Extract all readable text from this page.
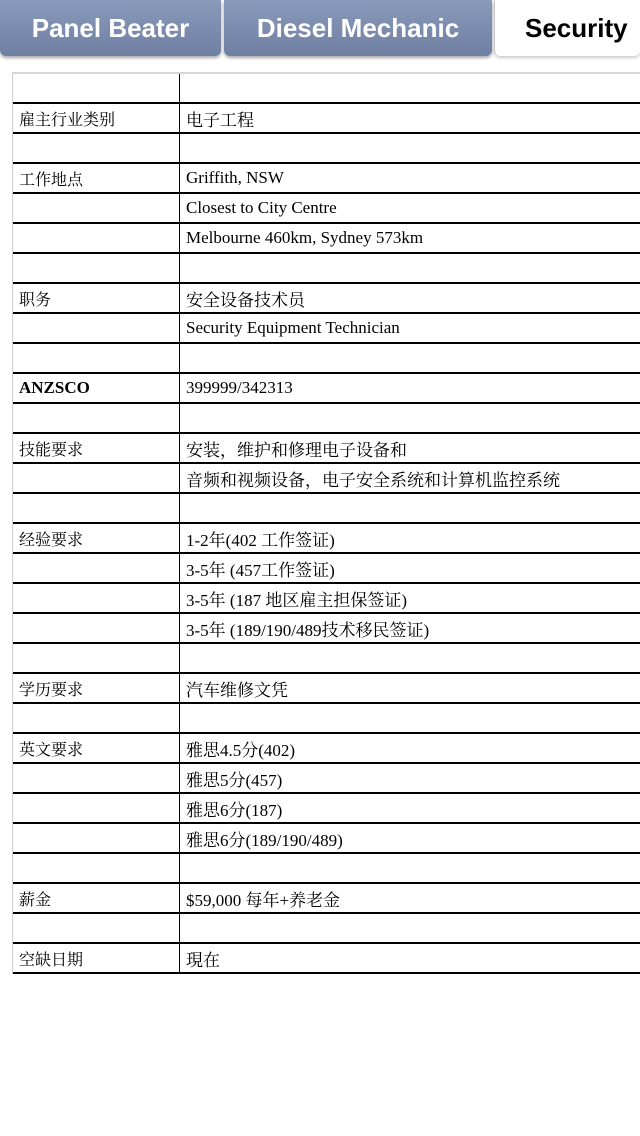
Panel Beater	Diesel Mechanic	Security
雇主行业类别	电子工程
工作地点	Griffith, NSW
Closest to City Centre
Melbourne 460km, Sydney 573km
职务	安全设备技术员
Security Equipment Technician
ANZSCO	399999/342313
技能要求	安装，维护和修理电子设备和
音频和视频设备，电子安全系统和计算机监控系统
经验要求	1-2年(402 工作签证)
3-5年 (457工作签证)
3-5年 (187 地区雇主担保签证)
3-5年 (189/190/489技术移民签证)
学历要求	汽车维修文凭
英文要求	雅思4.5分(402)
雅思5分(457)
雅思6分(187)
雅思6分(189/190/489)
薪金	$59,000 每年+养老金
空缺日期	現在
